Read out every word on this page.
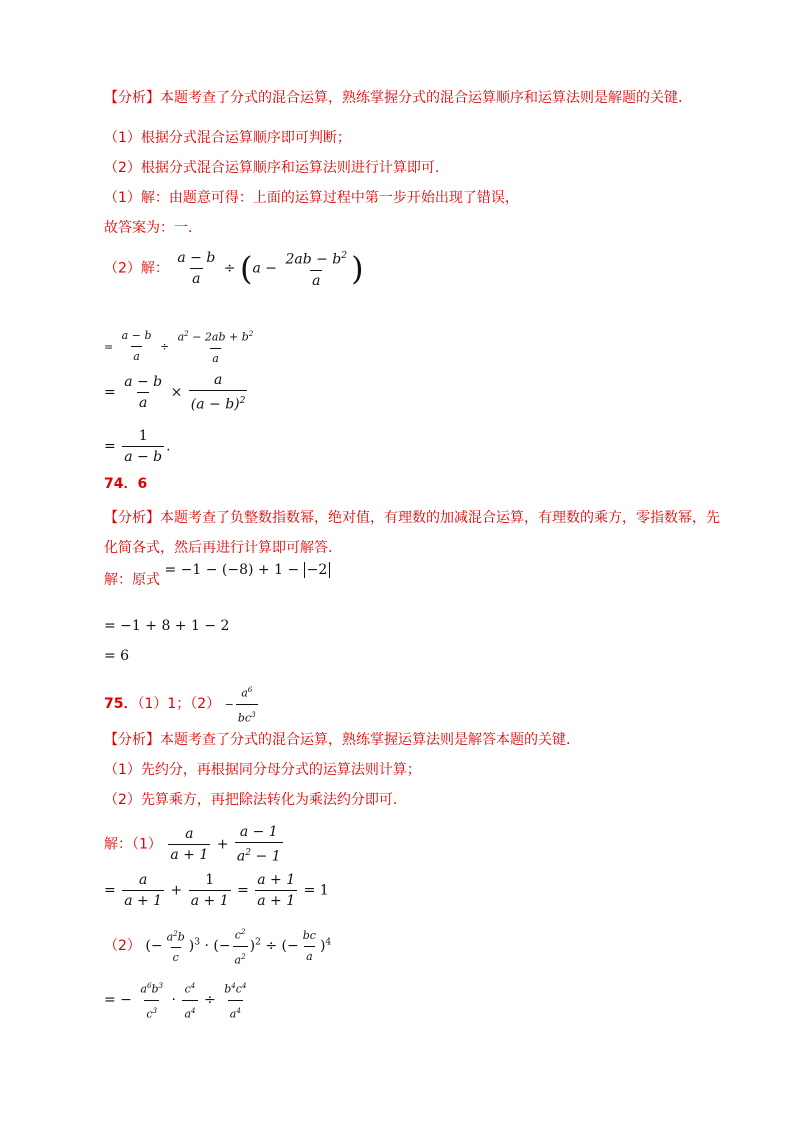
【分析】本题考查了分式的混合运算，熟练掌握分式的混合运算顺序和运算法则是解题的关键.
（1）根据分式混合运算顺序即可判断；
（2）根据分式混合运算顺序和运算法则进行计算即可.
（1）解：由题意可得：上面的运算过程中第一步开始出现了错误，
故答案为：一.
（2）解： $\frac{a - b}{a} \div (a - \frac{2ab - b^2}{a}$ )
= $\frac{a - b}{a} \div \frac{a^2 - 2ab + b^2}{a}$
= $\frac{a - b}{a} \times \frac{a}{(a - b)^2}$
= $\frac{1}{a - b}$ .
74．6
【分析】本题考查了负整数指数幂，绝对值，有理数的加减混合运算，有理数的乘方，零指数幂，先
化简各式，然后再进行计算即可解答.
解：原式 = −1 − (−8) + 1 − −2
= −1 + 8 + 1 − 2
= 6
75．（1）1；$(2) - \frac{a^6}{bc^3}$
【分析】本题考查了分式的混合运算，熟练掌握运算法则是解答本题的关键.
（1）先约分，再根据同分母分式的运算法则计算；
（2）先算乘方，再把除法转化为乘法约分即可.
解：$(1) \frac{a}{a + 1} + \frac{a - 1}{a^2 - 1}$
= $\frac{a}{a + 1} + \frac{1}{a + 1} = \frac{a + 1}{a + 1} = 1$
（2） (− $\frac{a^2b}{c} )^3$ · (− $\frac{c^2}{a^2} )^2$ ÷ (− $\frac{bc}{a} )^4$
= − $\frac{a^6b^3}{c^3} \cdot \frac{c^4}{a^4} \div \frac{b^4c^4}{a^4}$
